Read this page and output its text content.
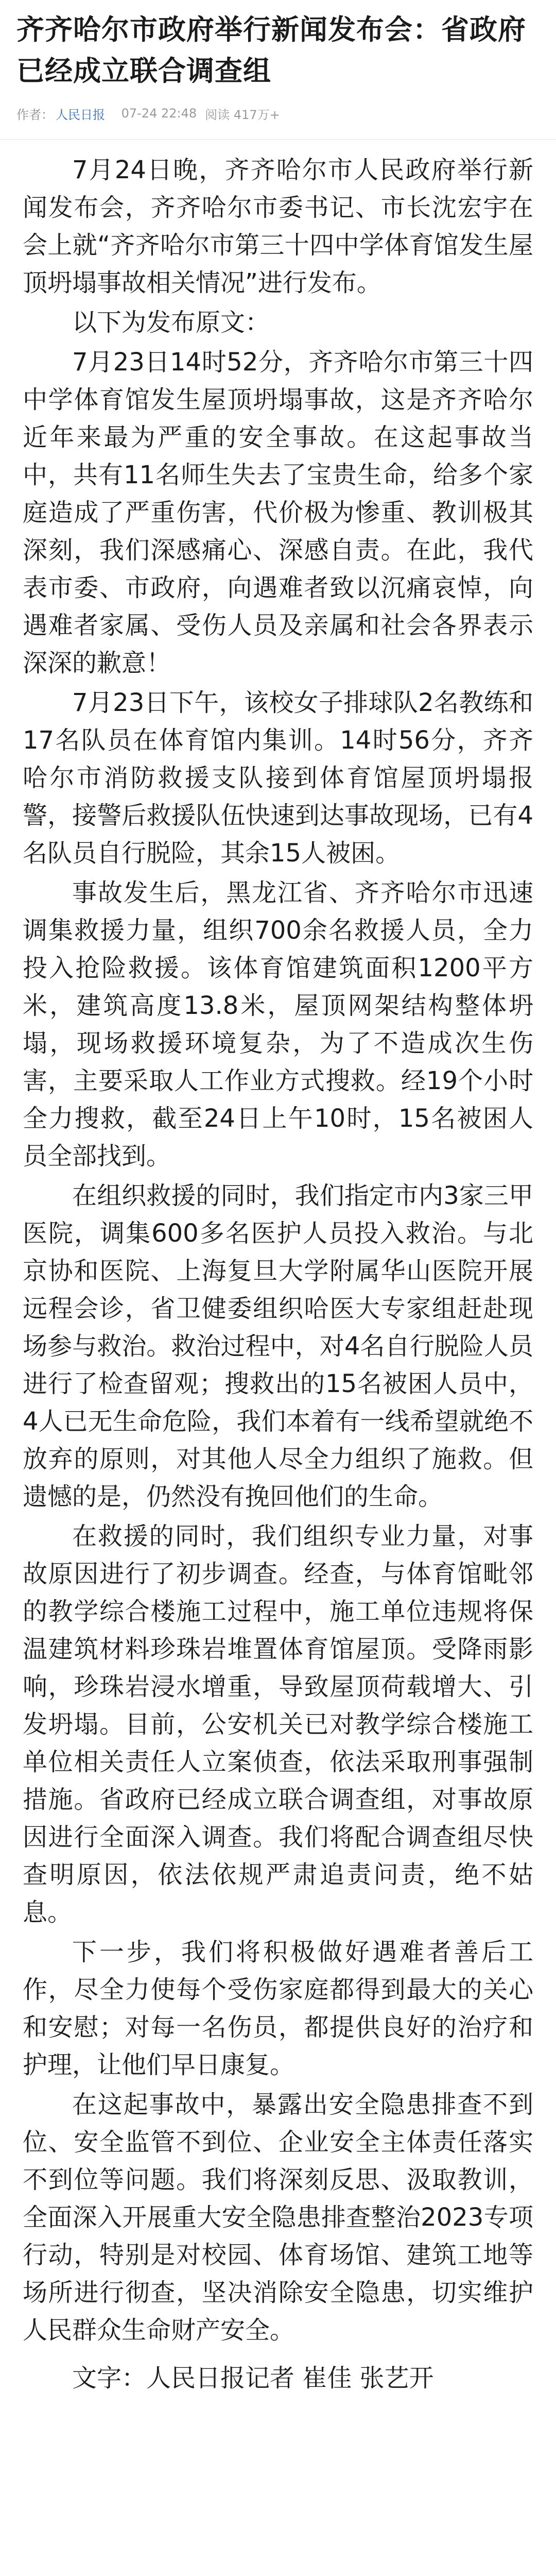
齐齐哈尔市政府举行新闻发布会：省政府已经成立联合调查组
作者： 人民日报
07-24 22:48 阅读 417万+

7月24日晚，齐齐哈尔市人民政府举行新闻发布会，齐齐哈尔市委书记、市长沈宏宇在会上就“齐齐哈尔市第三十四中学体育馆发生屋顶坍塌事故相关情况”进行发布。

以下为发布原文：

7月23日14时52分，齐齐哈尔市第三十四中学体育馆发生屋顶坍塌事故，这是齐齐哈尔近年来最为严重的安全事故。在这起事故当中，共有11名师生失去了宝贵生命，给多个家庭造成了严重伤害，代价极为惨重、教训极其深刻，我们深感痛心、深感自责。在此，我代表市委、市政府，向遇难者致以沉痛哀悼，向遇难者家属、受伤人员及亲属和社会各界表示深深的歉意！

7月23日下午，该校女子排球队2名教练和17名队员在体育馆内集训。14时56分，齐齐哈尔市消防救援支队接到体育馆屋顶坍塌报警，接警后救援队伍快速到达事故现场，已有4名队员自行脱险，其余15人被困。

事故发生后，黑龙江省、齐齐哈尔市迅速调集救援力量，组织700余名救援人员，全力投入抢险救援。该体育馆建筑面积1200平方米，建筑高度13.8米，屋顶网架结构整体坍塌，现场救援环境复杂，为了不造成次生伤害，主要采取人工作业方式搜救。经19个小时全力搜救，截至24日上午10时，15名被困人员全部找到。

在组织救援的同时，我们指定市内3家三甲医院，调集600多名医护人员投入救治。与北京协和医院、上海复旦大学附属华山医院开展远程会诊，省卫健委组织哈医大专家组赶赴现场参与救治。救治过程中，对4名自行脱险人员进行了检查留观；搜救出的15名被困人员中，4人已无生命危险，我们本着有一线希望就绝不放弃的原则，对其他人尽全力组织了施救。但遗憾的是，仍然没有挽回他们的生命。

在救援的同时，我们组织专业力量，对事故原因进行了初步调查。经查，与体育馆毗邻的教学综合楼施工过程中，施工单位违规将保温建筑材料珍珠岩堆置体育馆屋顶。受降雨影响，珍珠岩浸水增重，导致屋顶荷载增大、引发坍塌。目前，公安机关已对教学综合楼施工单位相关责任人立案侦查，依法采取刑事强制措施。省政府已经成立联合调查组，对事故原因进行全面深入调查。我们将配合调查组尽快查明原因，依法依规严肃追责问责，绝不姑息。

下一步，我们将积极做好遇难者善后工作，尽全力使每个受伤家庭都得到最大的关心和安慰；对每一名伤员，都提供良好的治疗和护理，让他们早日康复。

在这起事故中，暴露出安全隐患排查不到位、安全监管不到位、企业安全主体责任落实不到位等问题。我们将深刻反思、汲取教训，全面深入开展重大安全隐患排查整治2023专项行动，特别是对校园、体育场馆、建筑工地等场所进行彻查，坚决消除安全隐患，切实维护人民群众生命财产安全。

文字：人民日报记者 崔佳 张艺开
